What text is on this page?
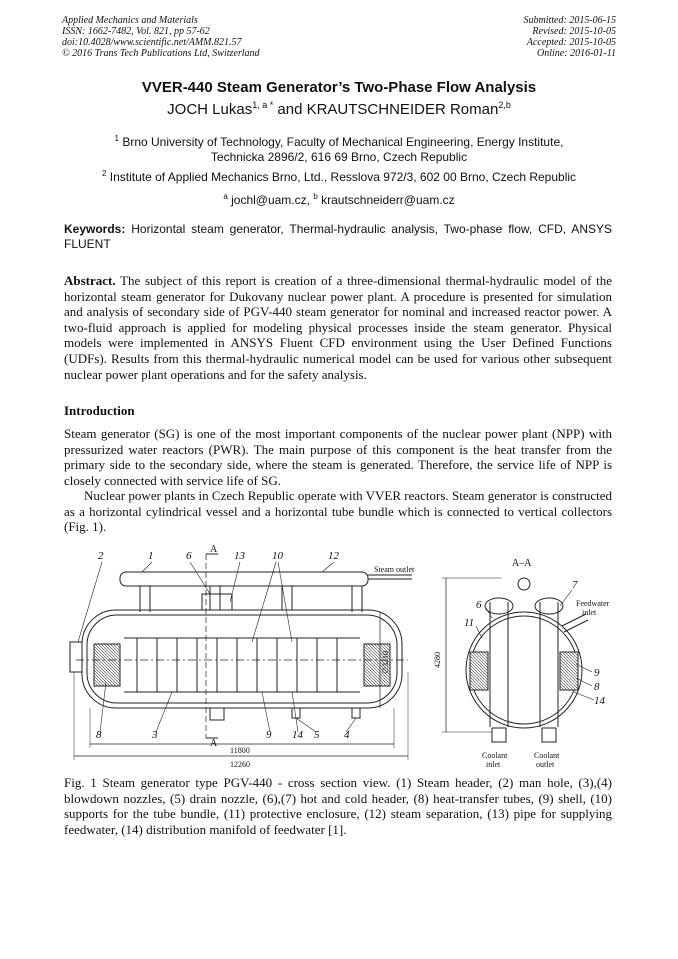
Applied Mechanics and Materials
ISSN: 1662-7482, Vol. 821, pp 57-62
doi:10.4028/www.scientific.net/AMM.821.57
© 2016 Trans Tech Publications Ltd, Switzerland
Submitted: 2015-06-15
Revised: 2015-10-05
Accepted: 2015-10-05
Online: 2016-01-11
VVER-440 Steam Generator’s Two-Phase Flow Analysis
JOCH Lukas$^{1, a *}$ and KRAUTSCHNEIDER Roman$^{2,b}$
$^1$ Brno University of Technology, Faculty of Mechanical Engineering, Energy Institute,
Technicka 2896/2, 616 69 Brno, Czech Republic
$^2$ Institute of Applied Mechanics Brno, Ltd., Resslova 972/3, 602 00 Brno, Czech Republic
$^a$ jochl@uam.cz, $^b$ krautschneiderr@uam.cz
Keywords: Horizontal steam generator, Thermal-hydraulic analysis, Two-phase flow, CFD, ANSYS FLUENT
Abstract. The subject of this report is creation of a three-dimensional thermal-hydraulic model of the horizontal steam generator for Dukovany nuclear power plant. A procedure is presented for simulation and analysis of secondary side of PGV-440 steam generator for nominal and increased reactor power. A two-fluid approach is applied for modeling physical processes inside the steam generator. Physical models were implemented in ANSYS Fluent CFD environment using the User Defined Functions (UDFs). Results from this thermal-hydraulic numerical model can be used for various other subsequent nuclear power plant operations and for the safety analysis.
Introduction
Steam generator (SG) is one of the most important components of the nuclear power plant (NPP) with pressurized water reactors (PWR). The main purpose of this component is the heat transfer from the primary side to the secondary side, where the steam is generated. Therefore, the service life of NPP is closely connected with service life of SG.
Nuclear power plants in Czech Republic operate with VVER reactors. Steam generator is constructed as a horizontal cylindrical vessel and a horizontal tube bundle which is connected to vertical collectors (Fig. 1).
2	1	6
A
13 10	12
8	3	9 14 5 4
A
Steam outlet
∅3210
11800
12260
A–A
7
6
11
9
8
14
Feedwater
inlet
4280
Coolant
inlet
Coolant
outlet
Fig. 1 Steam generator type PGV-440 - cross section view. (1) Steam header, (2) man hole, (3),(4) blowdown nozzles, (5) drain nozzle, (6),(7) hot and cold header, (8) heat-transfer tubes, (9) shell, (10) supports for the tube bundle, (11) protective enclosure, (12) steam separation, (13) pipe for supplying feedwater, (14) distribution manifold of feedwater [1].
